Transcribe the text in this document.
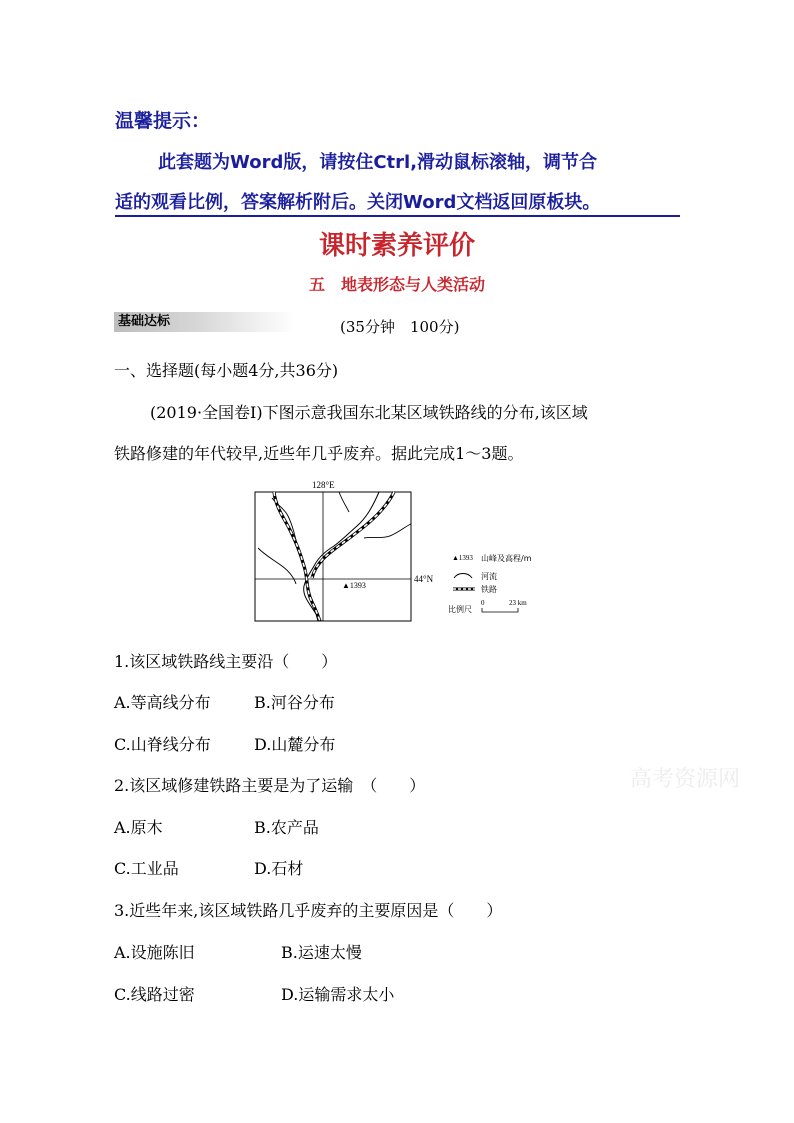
温馨提示：
此套题为Word版，请按住Ctrl,滑动鼠标滚轴，调节合
适的观看比例，答案解析附后。关闭Word文档返回原板块。
课时素养评价
五　地表形态与人类活动
基础达标	(35分钟　100分)
一、选择题(每小题4分,共36分)
(2019·全国卷Ⅰ)下图示意我国东北某区域铁路线的分布,该区域
铁路修建的年代较早,近些年几乎废弃。据此完成1～3题。
128°E
44°N
▲1393
▲1393 山峰及高程/m
河流
铁路
比例尺
0	23 km
1.该区域铁路线主要沿（　　）
A.等高线分布	B.河谷分布
C.山脊线分布	D.山麓分布
2.该区域修建铁路主要是为了运输　（　　）
A.原木	B.农产品
C.工业品	D.石材
3.近些年来,该区域铁路几乎废弃的主要原因是（　　）
A.设施陈旧	B.运速太慢
C.线路过密	D.运输需求太小
高考资源网
